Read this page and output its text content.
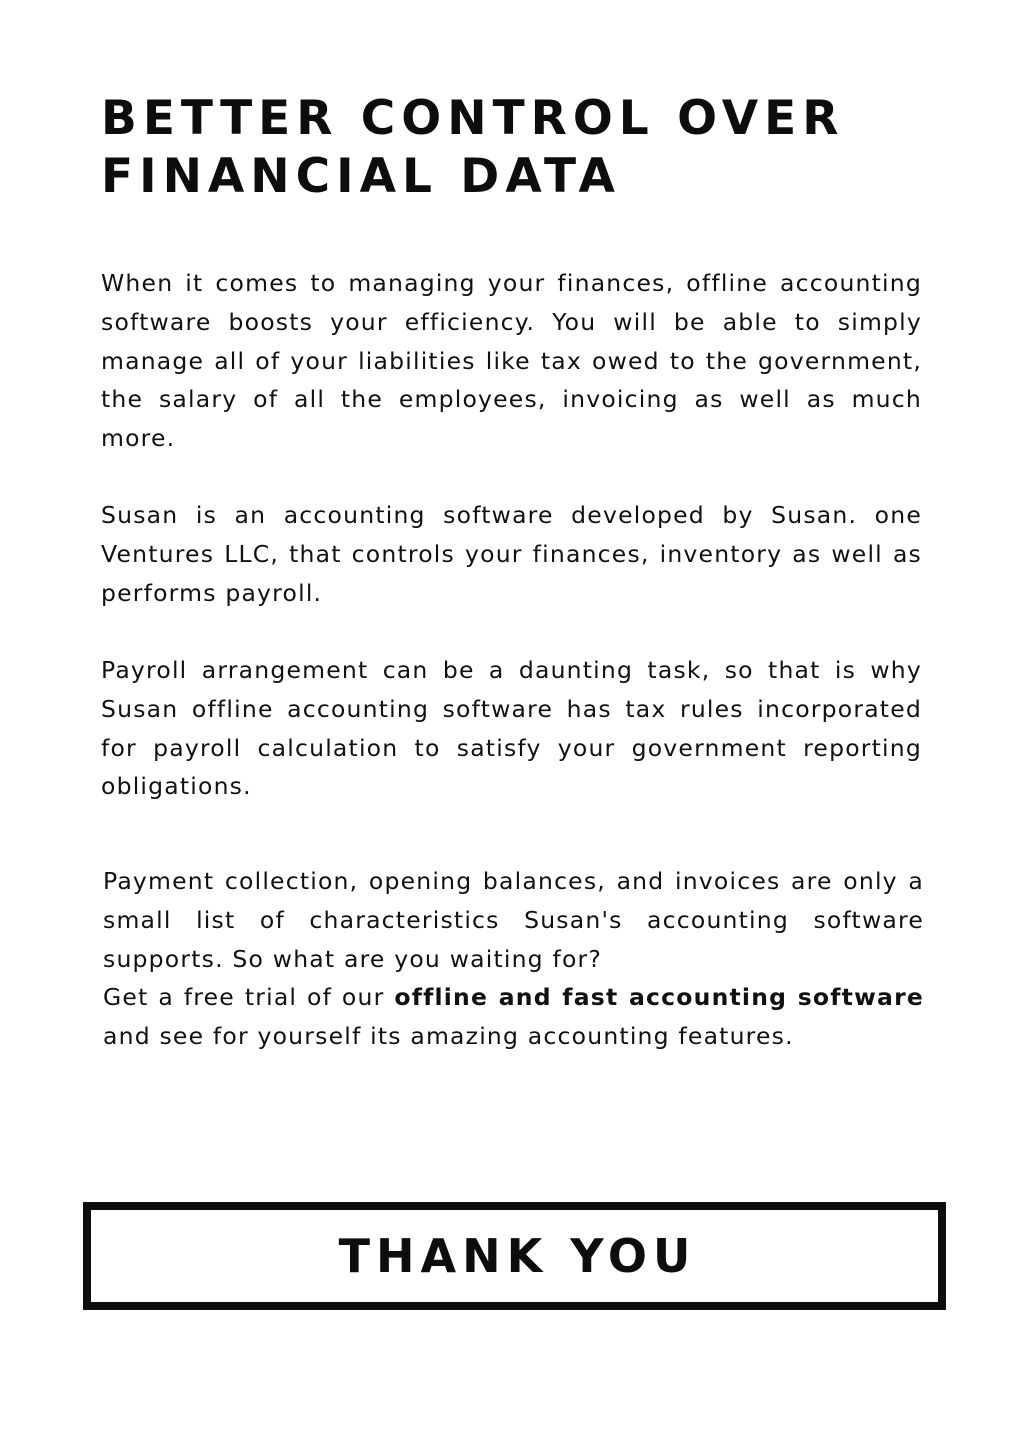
BETTER CONTROL OVER
FINANCIAL DATA

When it comes to managing your finances, offline accounting software boosts your efficiency. You will be able to simply manage all of your liabilities like tax owed to the government, the salary of all the employees, invoicing as well as much more.

Susan is an accounting software developed by Susan. one Ventures LLC, that controls your finances, inventory as well as performs payroll.

Payroll arrangement can be a daunting task, so that is why Susan offline accounting software has tax rules incorporated for payroll calculation to satisfy your government reporting obligations.

Payment collection, opening balances, and invoices are only a small list of characteristics Susan's accounting software supports. So what are you waiting for?
Get a free trial of our offline and fast accounting software and see for yourself its amazing accounting features.
THANK YOU
